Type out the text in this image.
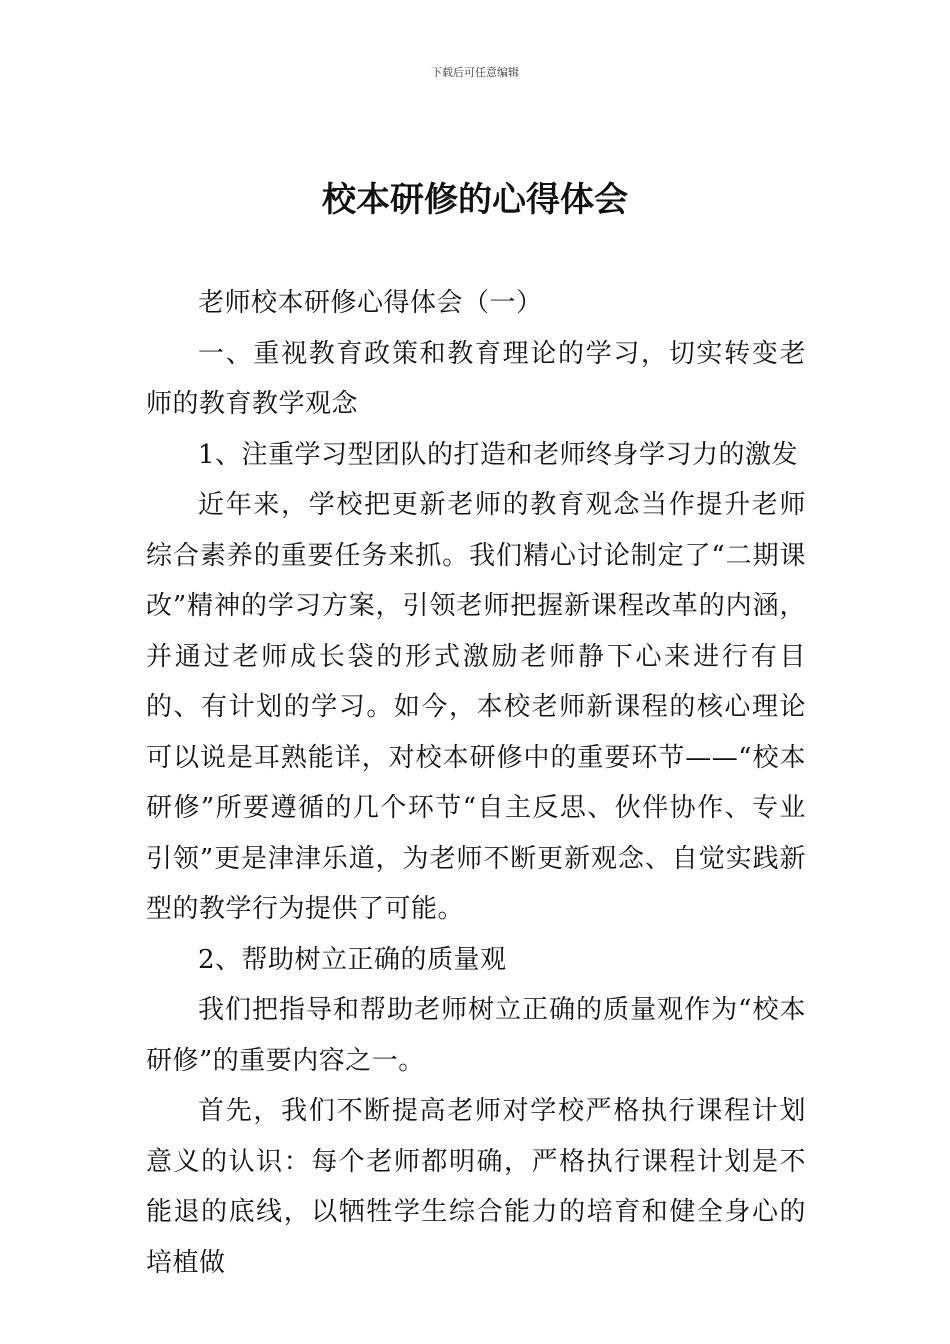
下载后可任意编辑
校本研修的心得体会

老师校本研修心得体会（一）

一、重视教育政策和教育理论的学习，切实转变老师的教育教学观念

1、注重学习型团队的打造和老师终身学习力的激发

近年来，学校把更新老师的教育观念当作提升老师综合素养的重要任务来抓。我们精心讨论制定了“二期课改”精神的学习方案，引领老师把握新课程改革的内涵，并通过老师成长袋的形式激励老师静下心来进行有目的、有计划的学习。如今，本校老师新课程的核心理论可以说是耳熟能详，对校本研修中的重要环节——“校本研修”所要遵循的几个环节“自主反思、伙伴协作、专业引领”更是津津乐道，为老师不断更新观念、自觉实践新型的教学行为提供了可能。

2、帮助树立正确的质量观

我们把指导和帮助老师树立正确的质量观作为“校本研修”的重要内容之一。

首先，我们不断提高老师对学校严格执行课程计划意义的认识：每个老师都明确，严格执行课程计划是不能退的底线，以牺牲学生综合能力的培育和健全身心的培植做
